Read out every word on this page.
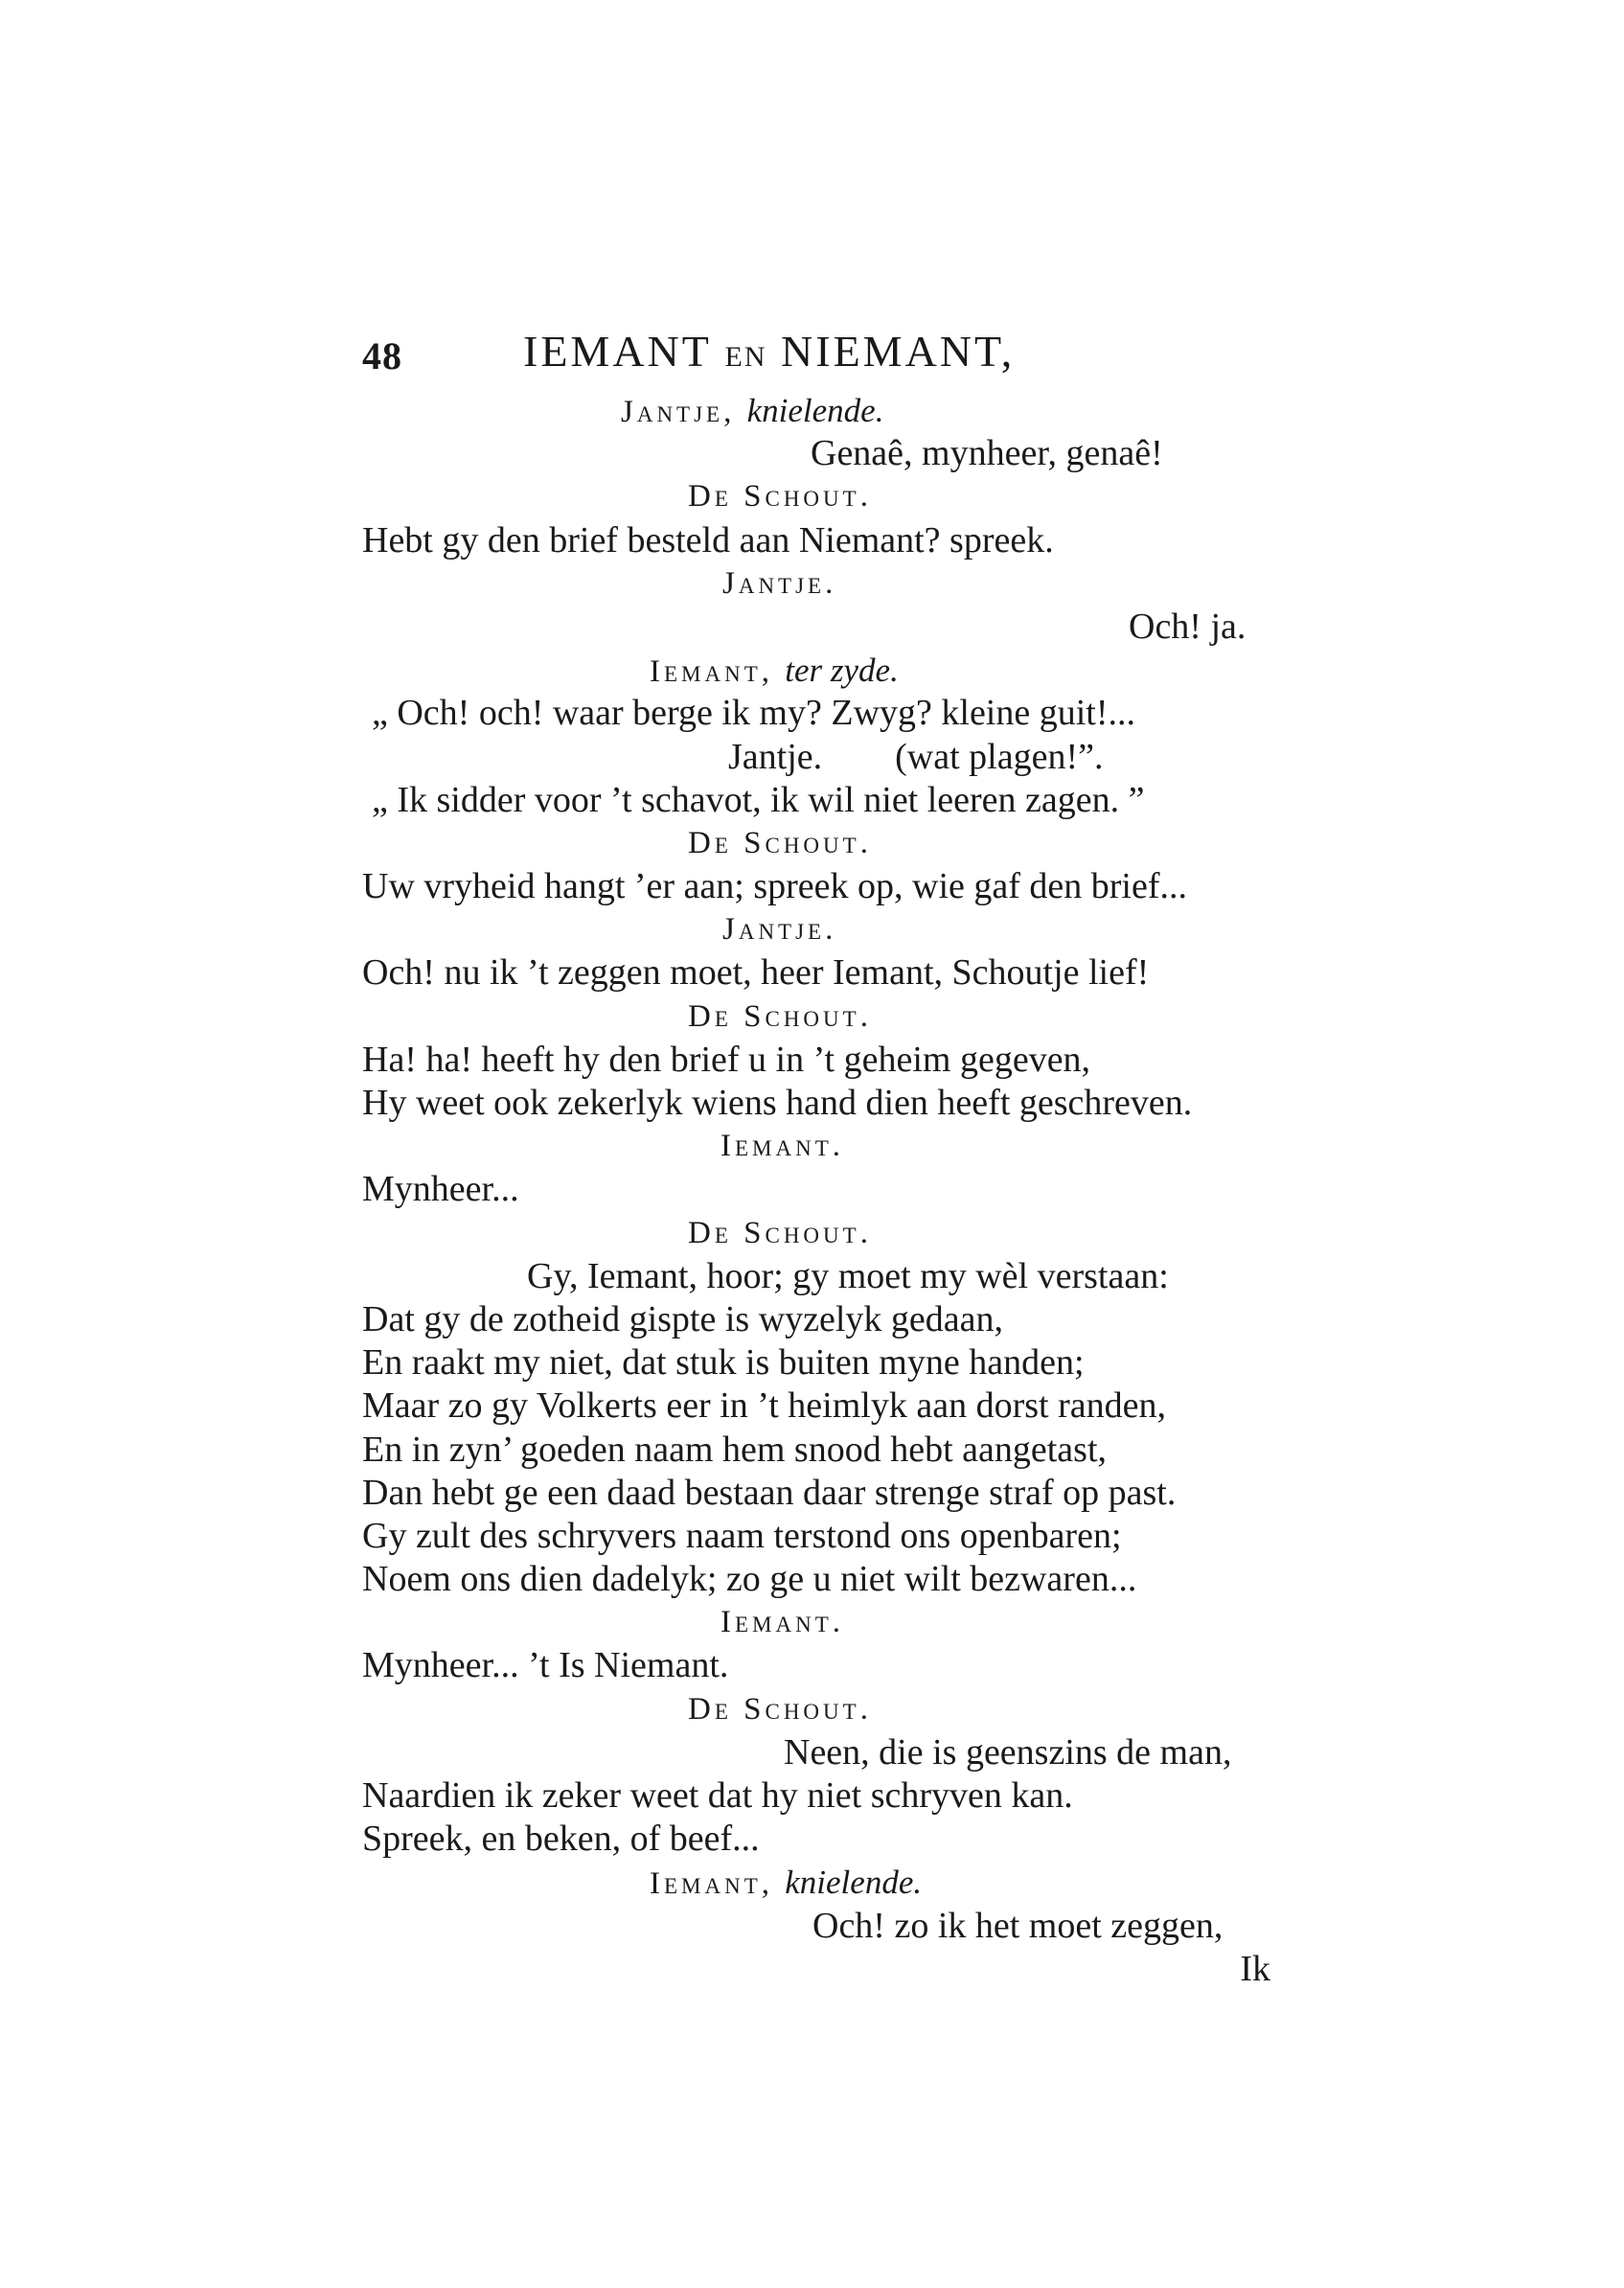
48	IEMANT EN NIEMANT,
Jantje, knielende.
Genaê, mynheer, genaê!
De Schout.
Hebt gy den brief besteld aan Niemant? spreek.
Jantje.
Och! ja.
Iemant, ter zyde.
„ Och! och! waar berge ik my? Zwyg? kleine guit!...
Jantje.        (wat plagen!”.
„ Ik sidder voor ’t schavot, ik wil niet leeren zagen. ”
De Schout.
Uw vryheid hangt ’er aan; spreek op, wie gaf den brief...
Jantje.
Och! nu ik ’t zeggen moet, heer Iemant, Schoutje lief!
De Schout.
Ha! ha! heeft hy den brief u in ’t geheim gegeven,
Hy weet ook zekerlyk wiens hand dien heeft geschreven.
Iemant.
Mynheer...
De Schout.
Gy, Iemant, hoor; gy moet my wèl verstaan:
Dat gy de zotheid gispte is wyzelyk gedaan,
En raakt my niet, dat stuk is buiten myne handen;
Maar zo gy Volkerts eer in ’t heimlyk aan dorst randen,
En in zyn’ goeden naam hem snood hebt aangetast,
Dan hebt ge een daad bestaan daar strenge straf op past.
Gy zult des schryvers naam terstond ons openbaren;
Noem ons dien dadelyk; zo ge u niet wilt bezwaren...
Iemant.
Mynheer... ’t Is Niemant.
De Schout.
Neen, die is geenszins de man,
Naardien ik zeker weet dat hy niet schryven kan.
Spreek, en beken, of beef...
Iemant, knielende.
Och! zo ik het moet zeggen,
Ik
